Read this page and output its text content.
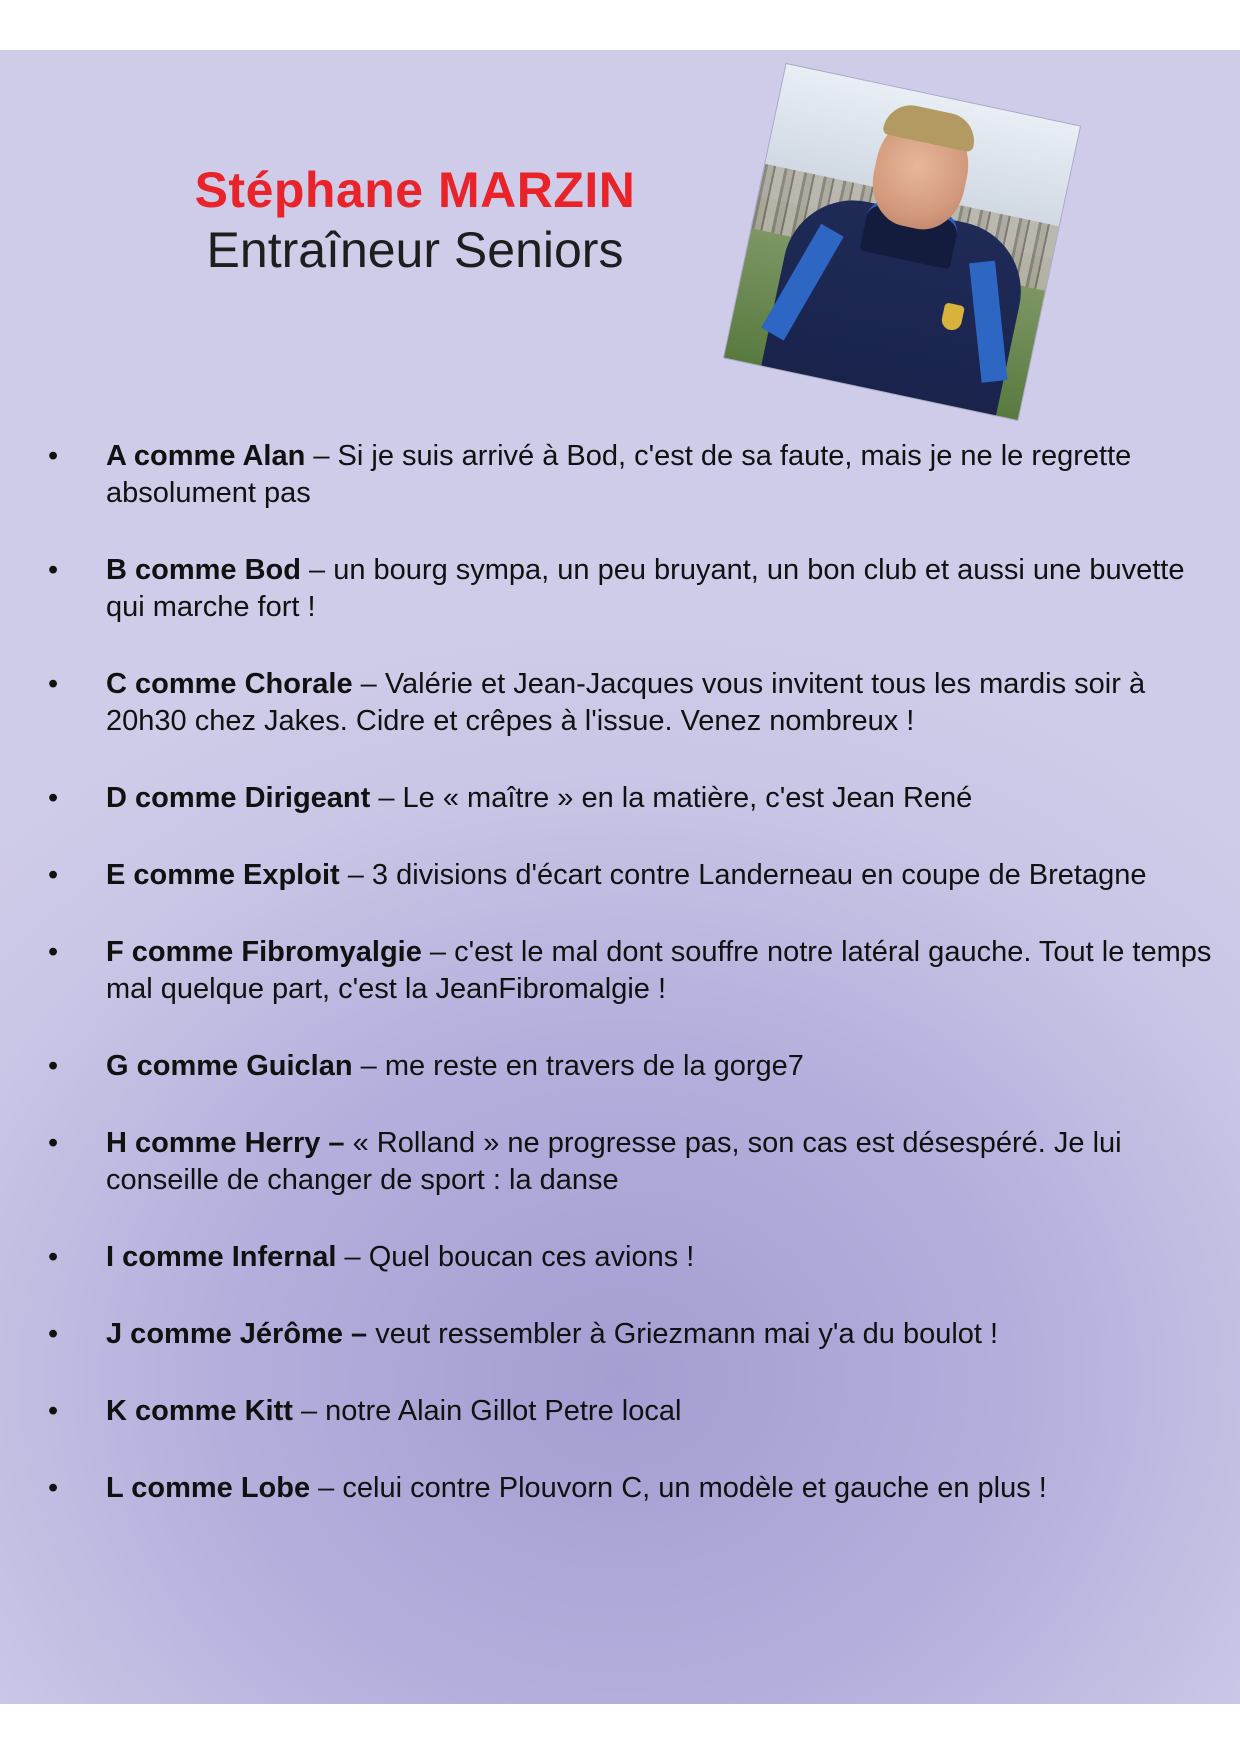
Stéphane MARZIN
Entraîneur Seniors
•	A comme Alan – Si je suis arrivé à Bod, c'est de sa faute, mais je ne le regrette absolument pas
•	B comme Bod – un bourg sympa, un peu bruyant, un bon club et aussi une buvette qui marche fort !
•	C comme Chorale – Valérie et Jean-Jacques vous invitent tous les mardis soir à 20h30 chez Jakes. Cidre et crêpes à l'issue. Venez nombreux !
•	D comme Dirigeant – Le « maître » en la matière, c'est Jean René
•	E comme Exploit – 3 divisions d'écart contre Landerneau en coupe de Bretagne
•	F comme Fibromyalgie – c'est le mal dont souffre notre latéral gauche. Tout le temps mal quelque part, c'est la JeanFibromalgie !
•	G comme Guiclan – me reste en travers de la gorge7
•	H comme Herry – « Rolland » ne progresse pas, son cas est désespéré. Je lui conseille de changer de sport : la danse
•	I comme Infernal – Quel boucan ces avions !
•	J comme Jérôme – veut ressembler à Griezmann mai y'a du boulot !
•	K comme Kitt – notre Alain Gillot Petre local
•	L comme Lobe – celui contre Plouvorn C, un modèle et gauche en plus !
